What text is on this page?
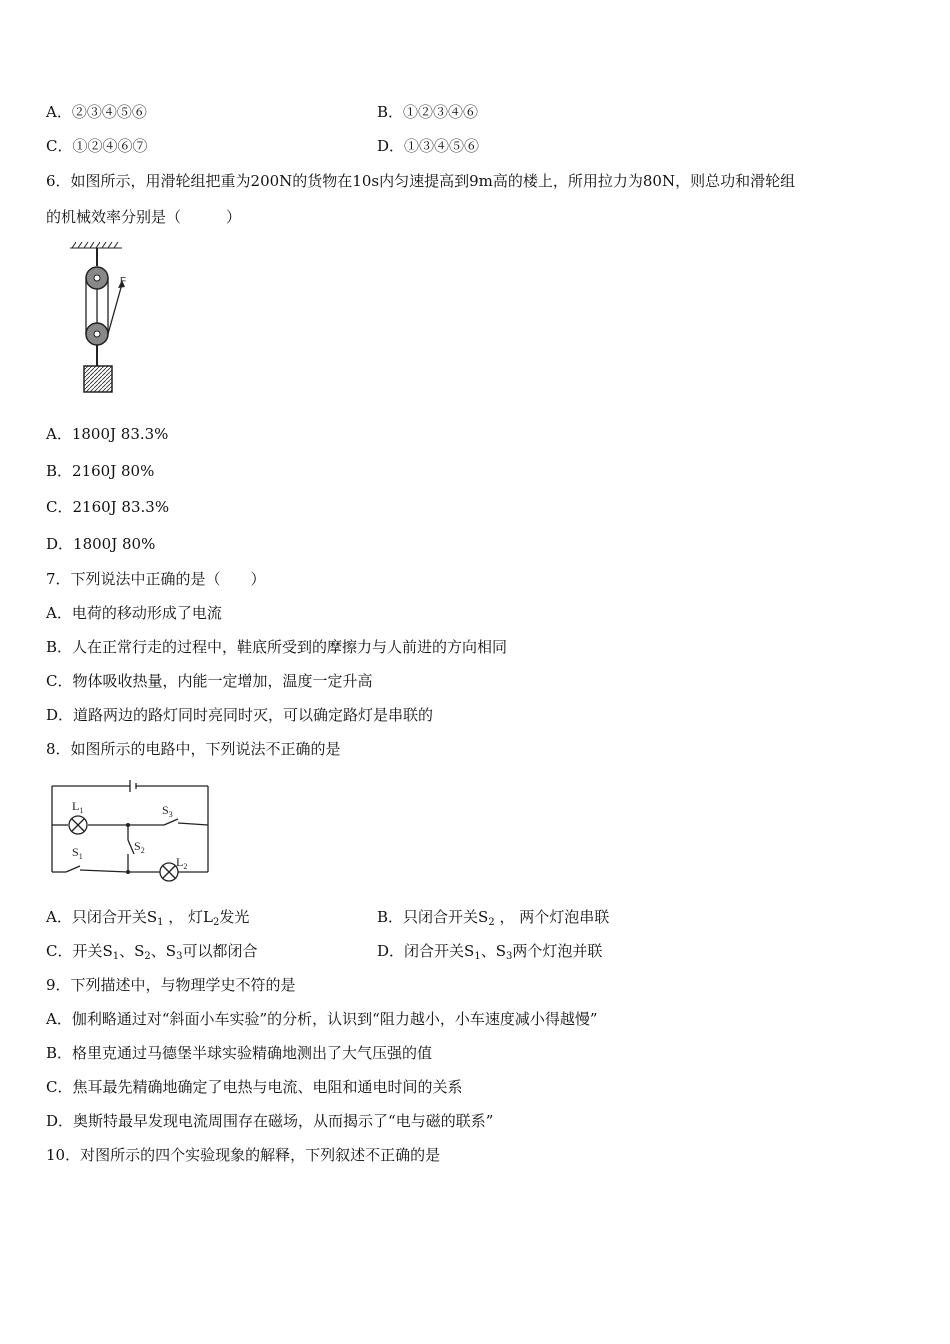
A．②③④⑤⑥	B．①②③④⑥
C．①②④⑥⑦	D．①③④⑤⑥
6．如图所示，用滑轮组把重为200N的货物在10s内匀速提高到9m高的楼上，所用拉力为80N，则总功和滑轮组
的机械效率分别是（　　　）
F
A．1800J 83.3%
B．2160J 80%
C．2160J 83.3%
D．1800J 80%
7．下列说法中正确的是（　　）
A．电荷的移动形成了电流
B．人在正常行走的过程中，鞋底所受到的摩擦力与人前进的方向相同
C．物体吸收热量，内能一定增加，温度一定升高
D．道路两边的路灯同时亮同时灭，可以确定路灯是串联的
8．如图所示的电路中，下列说法不正确的是
$L_1$	$S_3$
$S_1$
$S_2$
$L_2$
A．只闭合开关$S_1$ ， 灯$L_2$发光	B．只闭合开关$S_2$ ， 两个灯泡串联
C．开关$S_1$、$S_2$、$S_3$可以都闭合	D．闭合开关$S_1$、$S_3$两个灯泡并联
9．下列描述中，与物理学史不符的是
A．伽利略通过对“斜面小车实验”的分析，认识到“阻力越小，小车速度减小得越慢”
B．格里克通过马德堡半球实验精确地测出了大气压强的值
C．焦耳最先精确地确定了电热与电流、电阻和通电时间的关系
D．奥斯特最早发现电流周围存在磁场，从而揭示了“电与磁的联系”
10．对图所示的四个实验现象的解释，下列叙述不正确的是
